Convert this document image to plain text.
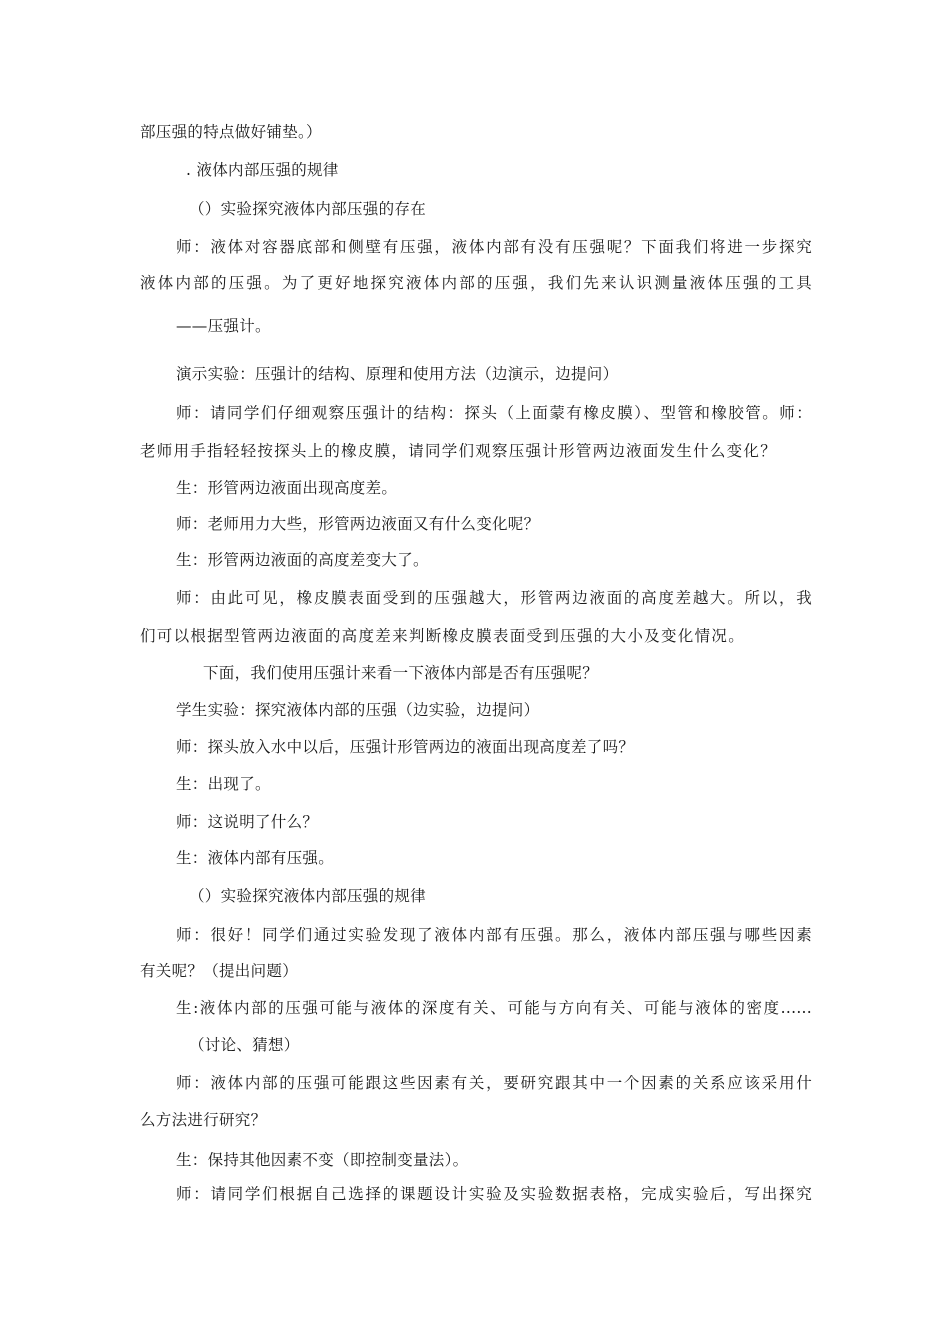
部压强的特点做好铺垫。）
. 液体内部压强的规律
（）实验探究液体内部压强的存在
师：液体对容器底部和侧壁有压强，液体内部有没有压强呢？下面我们将进一步探究
液体内部的压强。为了更好地探究液体内部的压强，我们先来认识测量液体压强的工具
——压强计。
演示实验：压强计的结构、原理和使用方法（边演示，边提问）
师：请同学们仔细观察压强计的结构：探头（上面蒙有橡皮膜）、型管和橡胶管。师：
老师用手指轻轻按探头上的橡皮膜，请同学们观察压强计形管两边液面发生什么变化？
生：形管两边液面出现高度差。
师：老师用力大些，形管两边液面又有什么变化呢？
生：形管两边液面的高度差变大了。
师：由此可见，橡皮膜表面受到的压强越大，形管两边液面的高度差越大。所以，我
们可以根据型管两边液面的高度差来判断橡皮膜表面受到压强的大小及变化情况。
下面，我们使用压强计来看一下液体内部是否有压强呢？
学生实验：探究液体内部的压强（边实验，边提问）
师：探头放入水中以后，压强计形管两边的液面出现高度差了吗？
生：出现了。
师：这说明了什么？
生：液体内部有压强。
（）实验探究液体内部压强的规律
师：很好！同学们通过实验发现了液体内部有压强。那么，液体内部压强与哪些因素
有关呢？（提出问题）
生:液体内部的压强可能与液体的深度有关、可能与方向有关、可能与液体的密度......
（讨论、猜想）
师：液体内部的压强可能跟这些因素有关，要研究跟其中一个因素的关系应该采用什
么方法进行研究？
生：保持其他因素不变（即控制变量法）。
师：请同学们根据自己选择的课题设计实验及实验数据表格，完成实验后，写出探究
